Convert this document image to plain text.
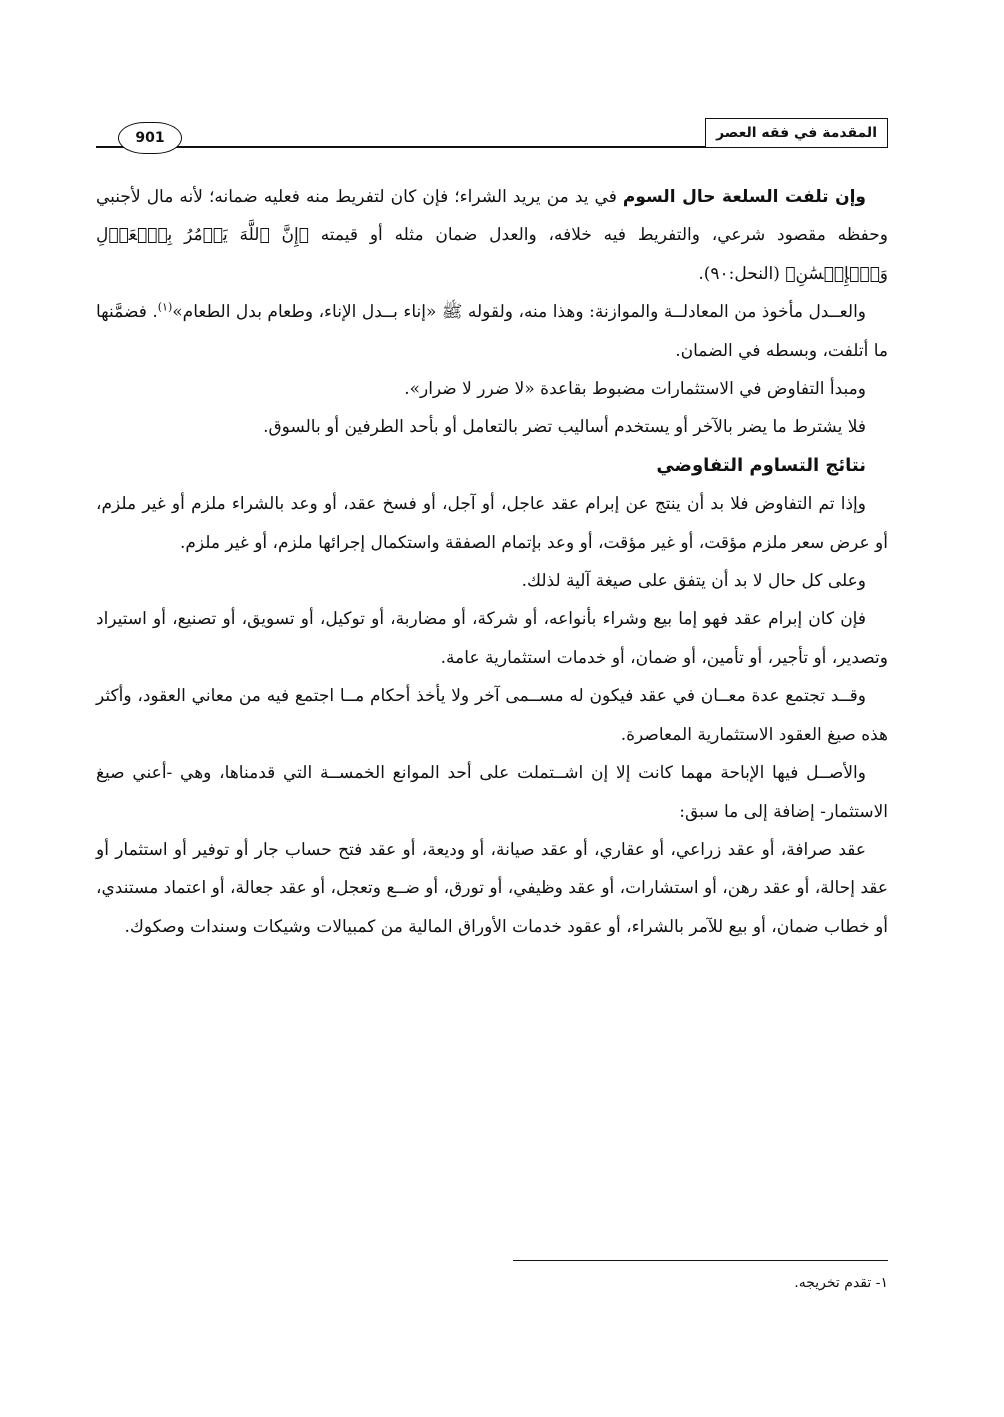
المقدمة في فقه العصر
901

وإن تلفت السلعة حال السوم في يد من يريد الشراء؛ فإن كان لتفريط منه فعليه ضمانه؛ لأنه مال لأجنبي وحفظه مقصود شرعي، والتفريط فيه خلافه، والعدل ضمان مثله أو قيمته ﴿إِنَّ ٱللَّهَ يَأۡمُرُ بِٱلۡعَدۡلِ وَٱلۡإِحۡسَٰنِ﴾ (النحل:٩٠).

والعــدل مأخوذ من المعادلــة والموازنة: وهذا منه، ولقوله ﷺ «إناء بــدل الإناء، وطعام بدل الطعام»$^{(١)}$. فضمَّنها ما أتلفت، وبسطه في الضمان.

ومبدأ التفاوض في الاستثمارات مضبوط بقاعدة «لا ضرر لا ضرار».

فلا يشترط ما يضر بالآخر أو يستخدم أساليب تضر بالتعامل أو بأحد الطرفين أو بالسوق.

نتائج التساوم التفاوضي

وإذا تم التفاوض فلا بد أن ينتج عن إبرام عقد عاجل، أو آجل، أو فسخ عقد، أو وعد بالشراء ملزم أو غير ملزم، أو عرض سعر ملزم مؤقت، أو غير مؤقت، أو وعد بإتمام الصفقة واستكمال إجرائها ملزم، أو غير ملزم.

وعلى كل حال لا بد أن يتفق على صيغة آلية لذلك.

فإن كان إبرام عقد فهو إما بيع وشراء بأنواعه، أو شركة، أو مضاربة، أو توكيل، أو تسويق، أو تصنيع، أو استيراد وتصدير، أو تأجير، أو تأمين، أو ضمان، أو خدمات استثمارية عامة.

وقــد تجتمع عدة معــان في عقد فيكون له مســمى آخر ولا يأخذ أحكام مــا اجتمع فيه من معاني العقود، وأكثر هذه صيغ العقود الاستثمارية المعاصرة.

والأصــل فيها الإباحة مهما كانت إلا إن اشــتملت على أحد الموانع الخمســة التي قدمناها، وهي -أعني صيغ الاستثمار- إضافة إلى ما سبق:

عقد صرافة، أو عقد زراعي، أو عقاري، أو عقد صيانة، أو وديعة، أو عقد فتح حساب جار أو توفير أو استثمار أو عقد إحالة، أو عقد رهن، أو استشارات، أو عقد وظيفي، أو تورق، أو ضــع وتعجل، أو عقد جعالة، أو اعتماد مستندي، أو خطاب ضمان، أو بيع للآمر بالشراء، أو عقود خدمات الأوراق المالية من كمبيالات وشيكات وسندات وصكوك.

١- تقدم تخريجه.
